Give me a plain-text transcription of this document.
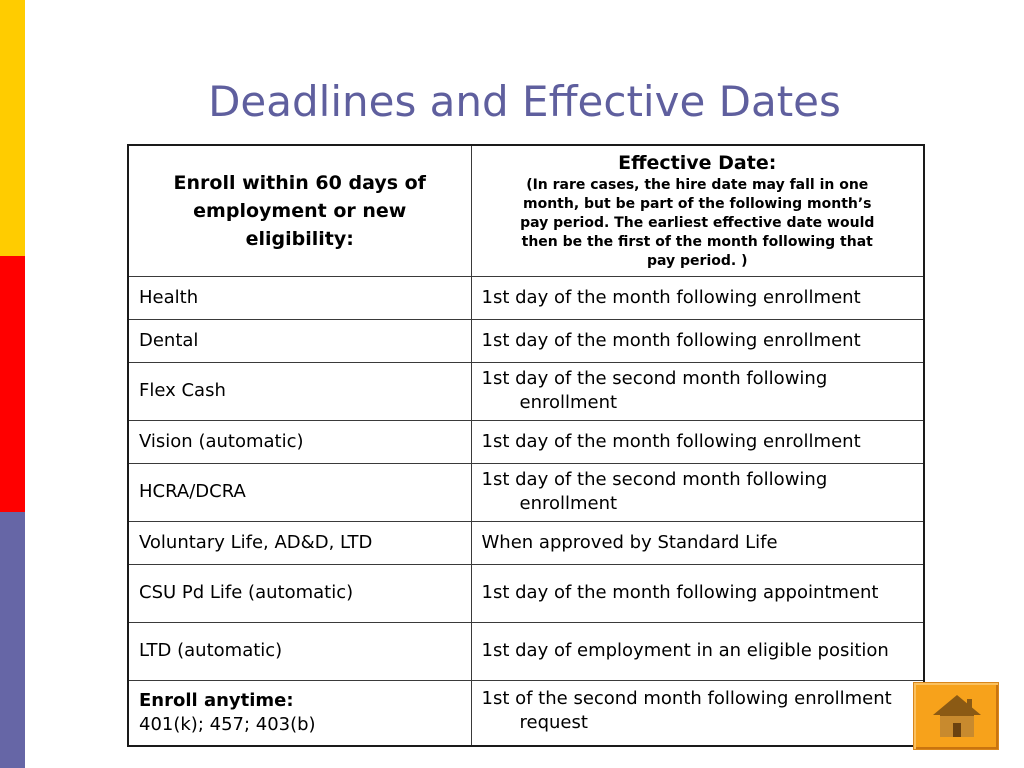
Deadlines and Effective Dates
Enroll within 60 days of employment or new eligibility:	Effective Date:
(In rare cases, the hire date may fall in one month, but be part of the following month’s pay period. The earliest effective date would then be the first of the month following that pay period. )

Health	1st day of the month following enrollment
Dental	1st day of the month following enrollment
Flex Cash	1st day of the second month following enrollment
Vision (automatic)	1st day of the month following enrollment
HCRA/DCRA	1st day of the second month following enrollment
Voluntary Life, AD&D, LTD	When approved by Standard Life
CSU Pd Life (automatic)	1st day of the month following appointment
LTD (automatic)	1st day of employment in an eligible position

Enroll anytime:
401(k); 457; 403(b)	1st of the second month following enrollment request
